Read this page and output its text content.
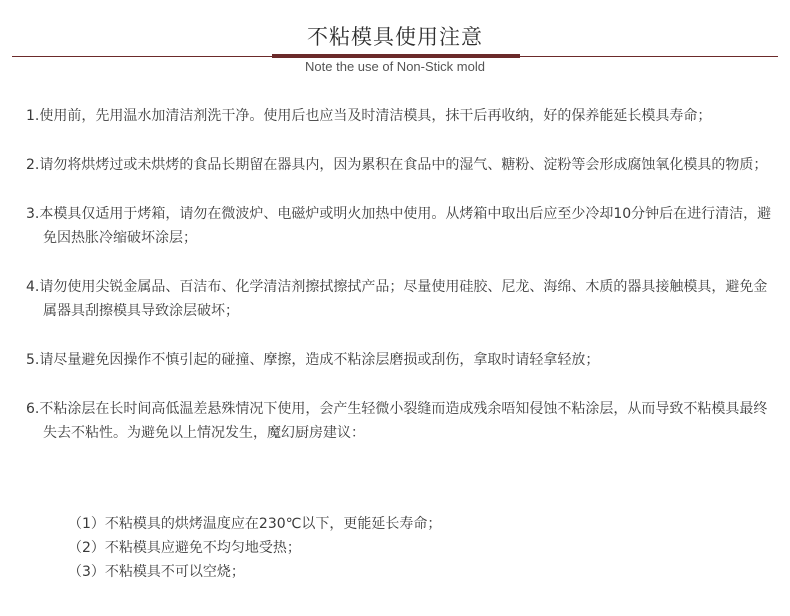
不粘模具使用注意
Note the use of Non-Stick mold
1.使用前，先用温水加清洁剂洗干净。使用后也应当及时清洁模具，抹干后再收纳，好的保养能延长模具寿命；
2.请勿将烘烤过或未烘烤的食品长期留在器具内，因为累积在食品中的湿气、糖粉、淀粉等会形成腐蚀氧化模具的物质；
3.本模具仅适用于烤箱，请勿在微波炉、电磁炉或明火加热中使用。从烤箱中取出后应至少冷却10分钟后在进行清洁，避免因热胀冷缩破坏涂层；
4.请勿使用尖锐金属品、百洁布、化学清洁剂擦拭擦拭产品；尽量使用硅胶、尼龙、海绵、木质的器具接触模具，避免金属器具刮擦模具导致涂层破坏；
5.请尽量避免因操作不慎引起的碰撞、摩擦，造成不粘涂层磨损或刮伤，拿取时请轻拿轻放；
6.不粘涂层在长时间高低温差悬殊情况下使用，会产生轻微小裂缝而造成残余唔知侵蚀不粘涂层，从而导致不粘模具最终失去不粘性。为避免以上情况发生，魔幻厨房建议：
（1）不粘模具的烘烤温度应在230℃以下，更能延长寿命；
（2）不粘模具应避免不均匀地受热；
（3）不粘模具不可以空烧；
